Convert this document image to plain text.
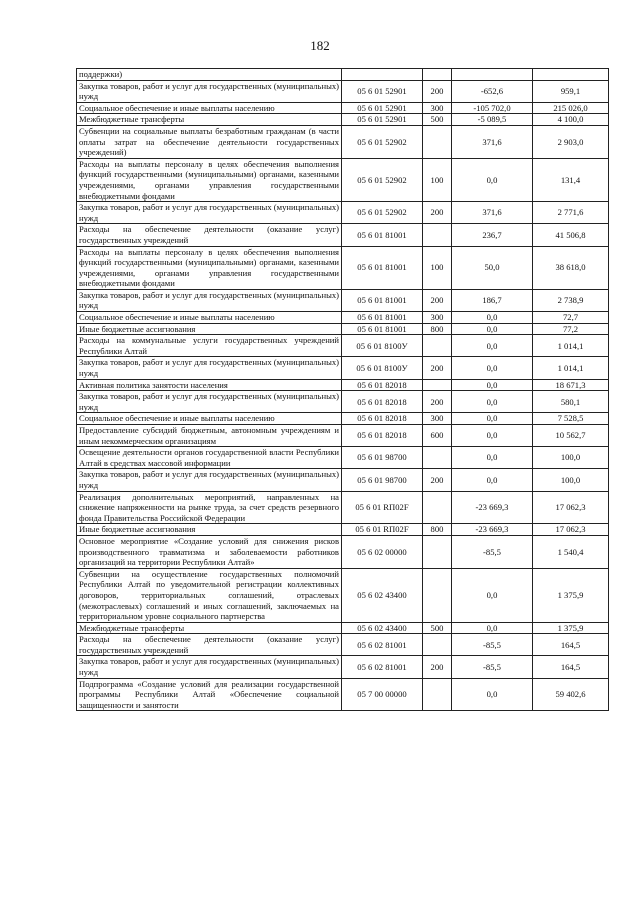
182
поддержки)				
Закупка товаров, работ и услуг для государственных (муниципальных) нужд	05 6 01 52901	200	-652,6	959,1
Социальное обеспечение и иные выплаты населению	05 6 01 52901	300	-105 702,0	215 026,0
Межбюджетные трансферты	05 6 01 52901	500	-5 089,5	4 100,0
Субвенции на социальные выплаты безработным гражданам (в части оплаты затрат на обеспечение деятельности государственных учреждений)	05 6 01 52902		371,6	2 903,0
Расходы на выплаты персоналу в целях обеспечения выполнения функций государственными (муниципальными) органами, казенными учреждениями, органами управления государственными внебюджетными фондами	05 6 01 52902	100	0,0	131,4
Закупка товаров, работ и услуг для государственных (муниципальных) нужд	05 6 01 52902	200	371,6	2 771,6
Расходы на обеспечение деятельности (оказание услуг) государственных учреждений	05 6 01 81001		236,7	41 506,8
Расходы на выплаты персоналу в целях обеспечения выполнения функций государственными (муниципальными) органами, казенными учреждениями, органами управления государственными внебюджетными фондами	05 6 01 81001	100	50,0	38 618,0
Закупка товаров, работ и услуг для государственных (муниципальных) нужд	05 6 01 81001	200	186,7	2 738,9
Социальное обеспечение и иные выплаты населению	05 6 01 81001	300	0,0	72,7
Иные бюджетные ассигнования	05 6 01 81001	800	0,0	77,2
Расходы на коммунальные услуги государственных учреждений Республики Алтай	05 6 01 8100У		0,0	1 014,1
Закупка товаров, работ и услуг для государственных (муниципальных) нужд	05 6 01 8100У	200	0,0	1 014,1
Активная политика занятости населения	05 6 01 82018		0,0	18 671,3
Закупка товаров, работ и услуг для государственных (муниципальных) нужд	05 6 01 82018	200	0,0	580,1
Социальное обеспечение и иные выплаты населению	05 6 01 82018	300	0,0	7 528,5
Предоставление субсидий бюджетным, автономным учреждениям и иным некоммерческим организациям	05 6 01 82018	600	0,0	10 562,7
Освещение деятельности органов государственной власти Республики Алтай в средствах массовой информации	05 6 01 98700		0,0	100,0
Закупка товаров, работ и услуг для государственных (муниципальных) нужд	05 6 01 98700	200	0,0	100,0
Реализация дополнительных мероприятий, направленных на снижение напряженности на рынке труда, за счет средств резервного фонда Правительства Российской Федерации	05 6 01 RП02F		-23 669,3	17 062,3
Иные бюджетные ассигнования	05 6 01 RП02F	800	-23 669,3	17 062,3
Основное мероприятие «Создание условий для снижения рисков производственного травматизма и заболеваемости работников организаций на территории Республики Алтай»	05 6 02 00000		-85,5	1 540,4
Субвенции на осуществление государственных полномочий Республики Алтай по уведомительной регистрации коллективных договоров, территориальных соглашений, отраслевых (межотраслевых) соглашений и иных соглашений, заключаемых на территориальном уровне социального партнерства	05 6 02 43400		0,0	1 375,9
Межбюджетные трансферты	05 6 02 43400	500	0,0	1 375,9
Расходы на обеспечение деятельности (оказание услуг) государственных учреждений	05 6 02 81001		-85,5	164,5
Закупка товаров, работ и услуг для государственных (муниципальных) нужд	05 6 02 81001	200	-85,5	164,5
Подпрограмма «Создание условий для реализации государственной программы Республики Алтай «Обеспечение социальной защищенности и занятости	05 7 00 00000		0,0	59 402,6
